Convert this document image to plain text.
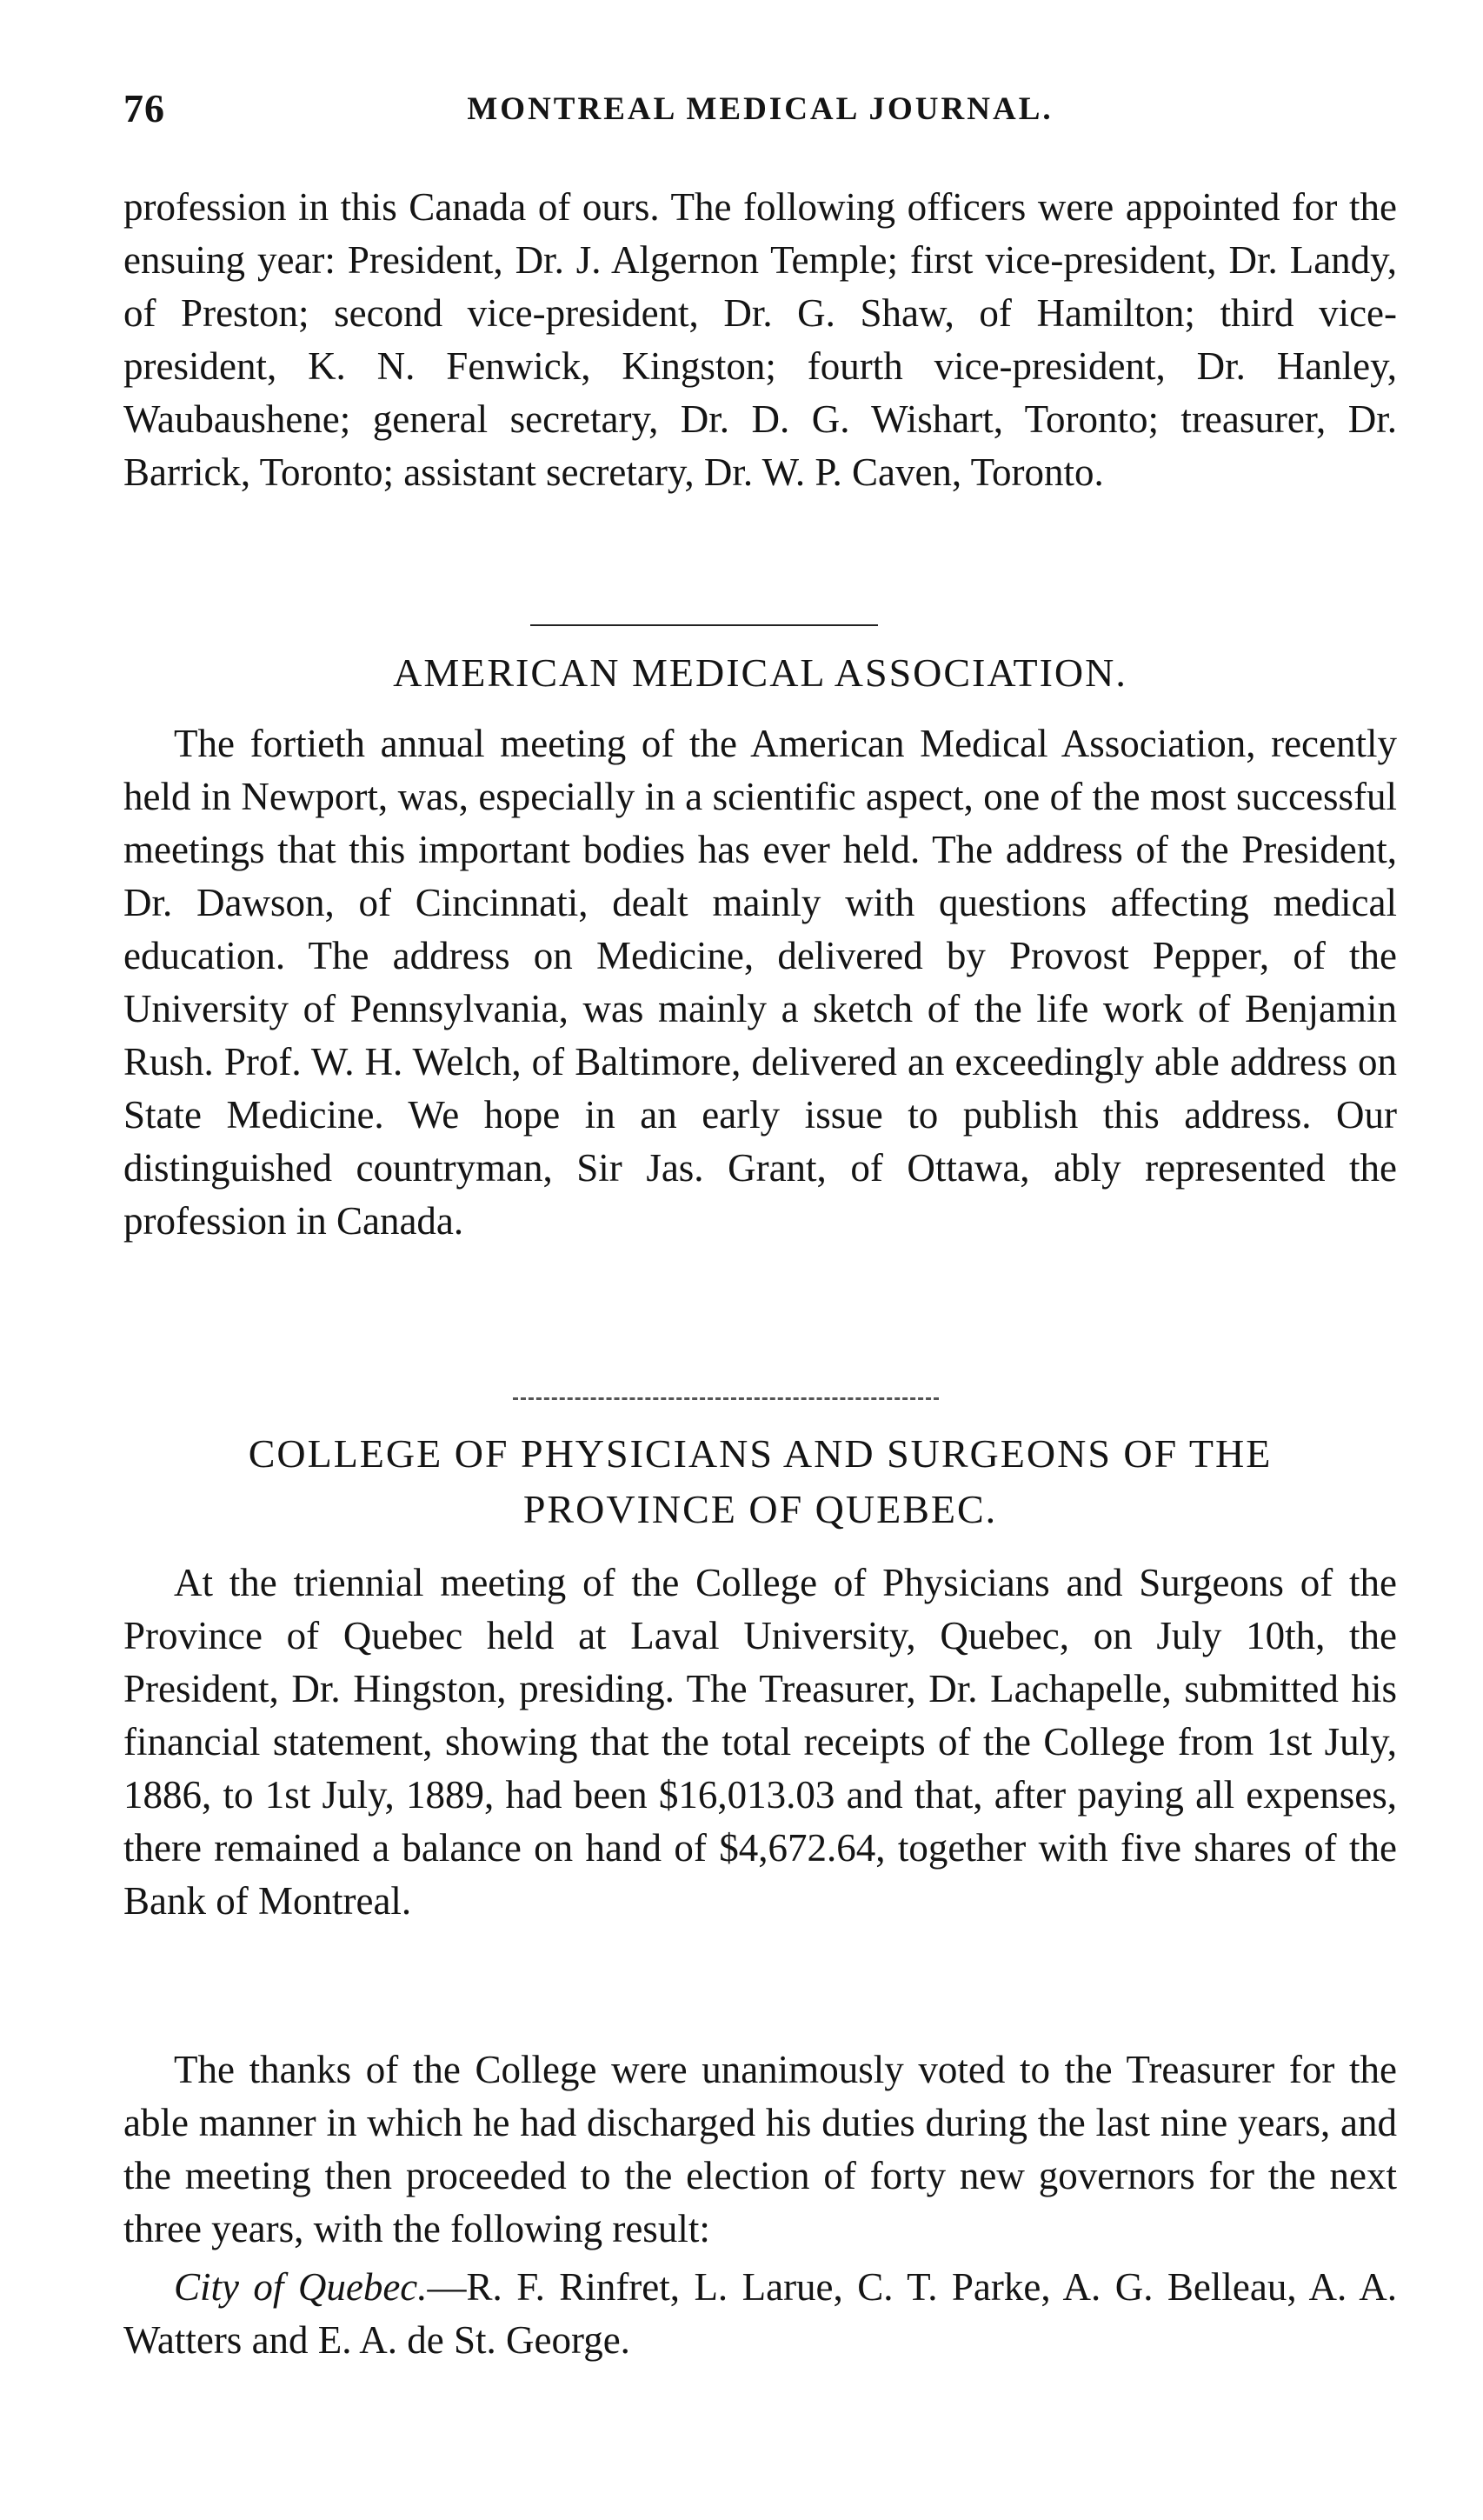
76	MONTREAL MEDICAL JOURNAL.

profession in this Canada of ours. The following officers were appointed for the ensuing year: President, Dr. J. Algernon Temple; first vice-president, Dr. Landy, of Preston; second vice-president, Dr. G. Shaw, of Hamilton; third vice-president, K. N. Fenwick, Kingston; fourth vice-president, Dr. Hanley, Waubaushene; general secretary, Dr. D. G. Wishart, Toronto; treasurer, Dr. Barrick, Toronto; assistant secretary, Dr. W. P. Caven, Toronto.

AMERICAN MEDICAL ASSOCIATION.

The fortieth annual meeting of the American Medical Association, recently held in Newport, was, especially in a scientific aspect, one of the most successful meetings that this important bodies has ever held. The address of the President, Dr. Dawson, of Cincinnati, dealt mainly with questions affecting medical education. The address on Medicine, delivered by Provost Pepper, of the University of Pennsylvania, was mainly a sketch of the life work of Benjamin Rush. Prof. W. H. Welch, of Baltimore, delivered an exceedingly able address on State Medicine. We hope in an early issue to publish this address. Our distinguished countryman, Sir Jas. Grant, of Ottawa, ably represented the profession in Canada.

COLLEGE OF PHYSICIANS AND SURGEONS OF THE
PROVINCE OF QUEBEC.

At the triennial meeting of the College of Physicians and Surgeons of the Province of Quebec held at Laval University, Quebec, on July 10th, the President, Dr. Hingston, presiding. The Treasurer, Dr. Lachapelle, submitted his financial statement, showing that the total receipts of the College from 1st July, 1886, to 1st July, 1889, had been $16,013.03 and that, after paying all expenses, there remained a balance on hand of $4,672.64, together with five shares of the Bank of Montreal.

The thanks of the College were unanimously voted to the Treasurer for the able manner in which he had discharged his duties during the last nine years, and the meeting then proceeded to the election of forty new governors for the next three years, with the following result:

City of Quebec.—R. F. Rinfret, L. Larue, C. T. Parke, A. G. Belleau, A. A. Watters and E. A. de St. George.
